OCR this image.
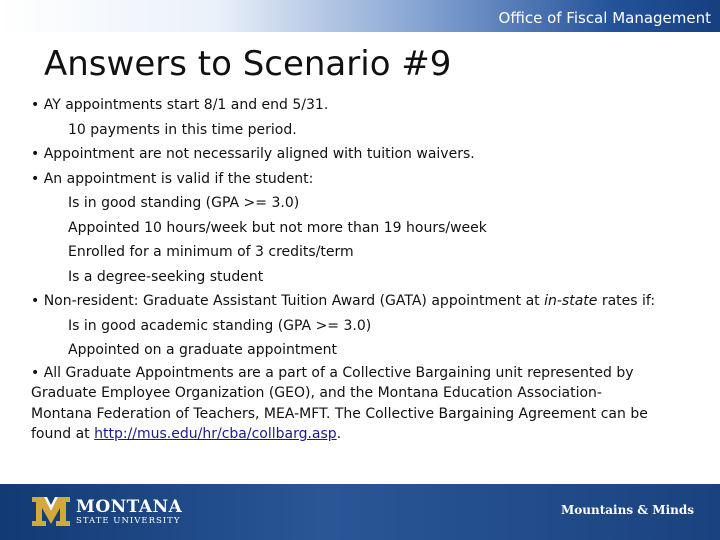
Office of Fiscal Management
Answers to Scenario #9
• AY appointments start 8/1 and end 5/31.
10 payments in this time period.
• Appointment are not necessarily aligned with tuition waivers.
• An appointment is valid if the student:
Is in good standing (GPA >= 3.0)
Appointed 10 hours/week but not more than 19 hours/week
Enrolled for a minimum of 3 credits/term
Is a degree-seeking student
• Non-resident: Graduate Assistant Tuition Award (GATA) appointment at in-state rates if:
Is in good academic standing (GPA >= 3.0)
Appointed on a graduate appointment
• All Graduate Appointments are a part of a Collective Bargaining unit represented by Graduate Employee Organization (GEO), and the Montana Education Association-Montana Federation of Teachers, MEA-MFT. The Collective Bargaining Agreement can be found at http://mus.edu/hr/cba/collbarg.asp.
MONTANA
STATE UNIVERSITY
Mountains & Minds
